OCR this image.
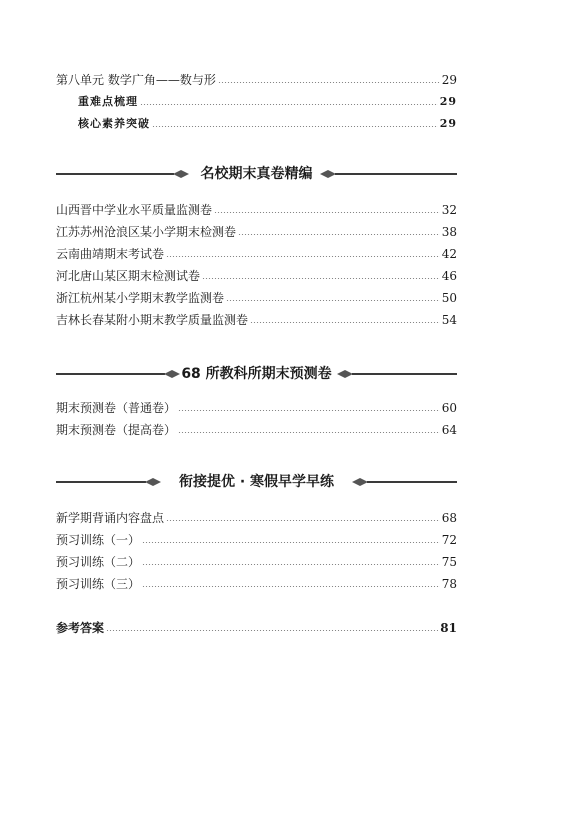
第八单元 数学广角——数与形	29
重难点梳理	29
核心素养突破	29
名校期末真卷精编
山西晋中学业水平质量监测卷	32
江苏苏州沧浪区某小学期末检测卷	38
云南曲靖期末考试卷	42
河北唐山某区期末检测试卷	46
浙江杭州某小学期末教学监测卷	50
吉林长春某附小期末教学质量监测卷	54
68 所教科所期末预测卷
期末预测卷（普通卷）	60
期末预测卷（提高卷）	64
衔接提优 · 寒假早学早练
新学期背诵内容盘点	68
预习训练（一）	72
预习训练（二）	75
预习训练（三）	78
参考答案	81
